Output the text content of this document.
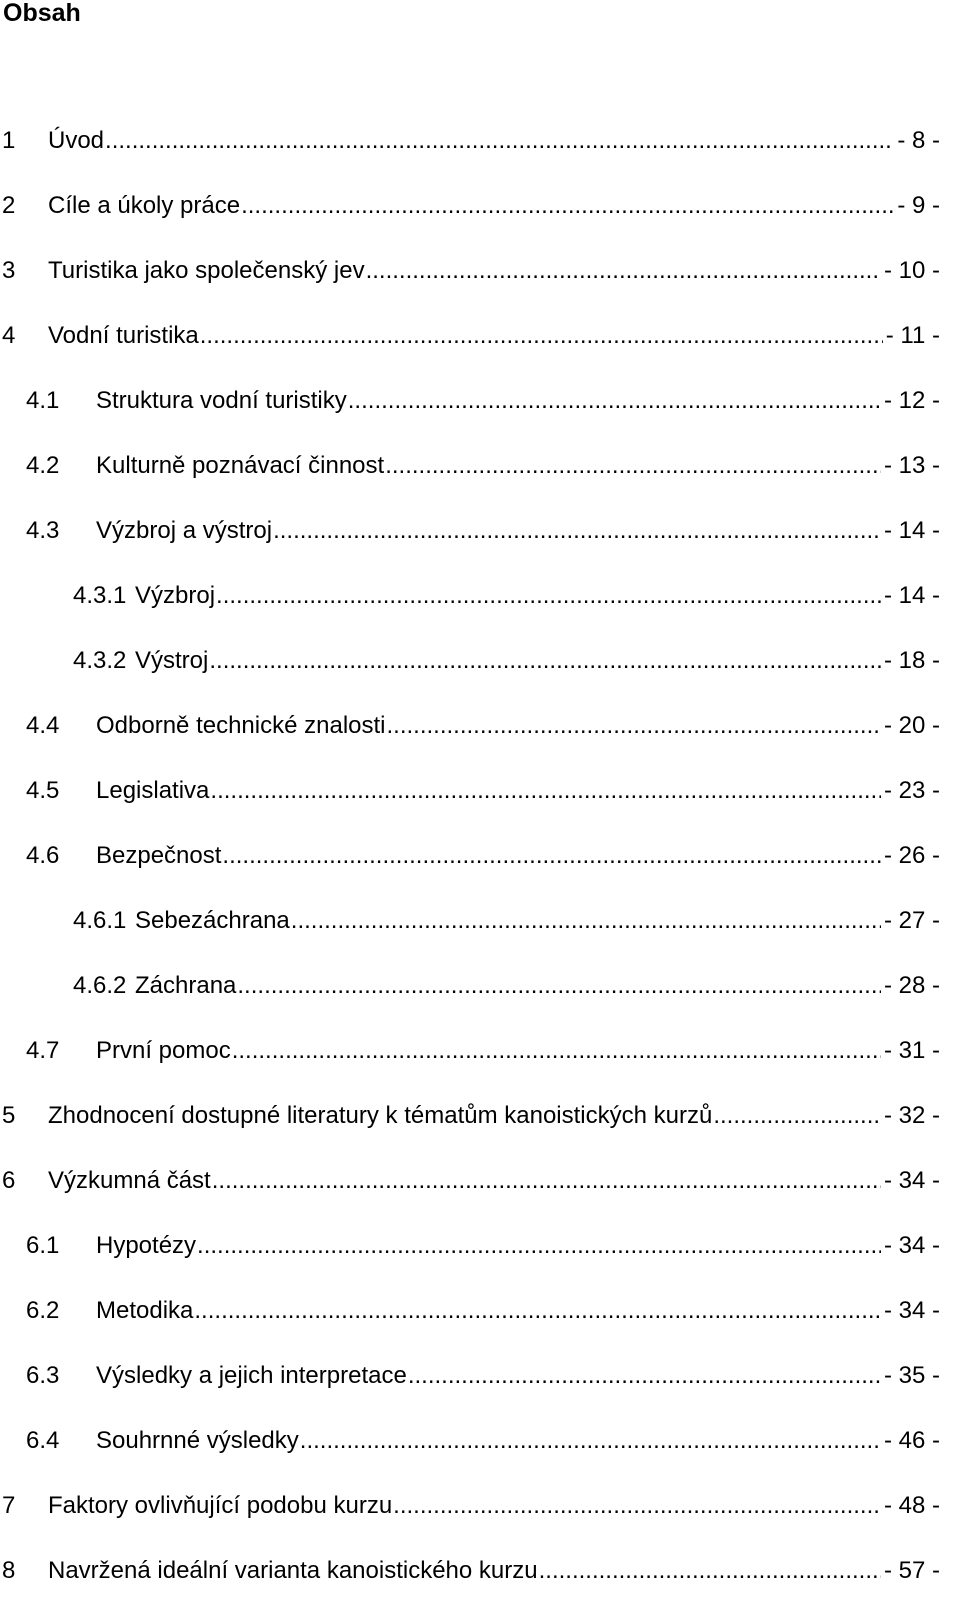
Obsah
1	Úvod .....	- 8 -
2	Cíle a úkoly práce .....	- 9 -
3	Turistika jako společenský jev .....	- 10 -
4	Vodní turistika .....	- 11 -
4.1	Struktura vodní turistiky .....	- 12 -
4.2	Kulturně poznávací činnost .....	- 13 -
4.3	Výzbroj a výstroj .....	- 14 -
4.3.1 Výzbroj .....	- 14 -
4.3.2 Výstroj .....	- 18 -
4.4	Odborně technické znalosti .....	- 20 -
4.5	Legislativa .....	- 23 -
4.6	Bezpečnost .....	- 26 -
4.6.1 Sebezáchrana .....	- 27 -
4.6.2 Záchrana .....	- 28 -
4.7	První pomoc .....	- 31 -
5	Zhodnocení dostupné literatury k tématům kanoistických kurzů .....	- 32 -
6	Výzkumná část .....	- 34 -
6.1	Hypotézy .....	- 34 -
6.2	Metodika .....	- 34 -
6.3	Výsledky a jejich interpretace .....	- 35 -
6.4	Souhrnné výsledky .....	- 46 -
7	Faktory ovlivňující podobu kurzu .....	- 48 -
8	Navržená ideální varianta kanoistického kurzu .....	- 57 -
